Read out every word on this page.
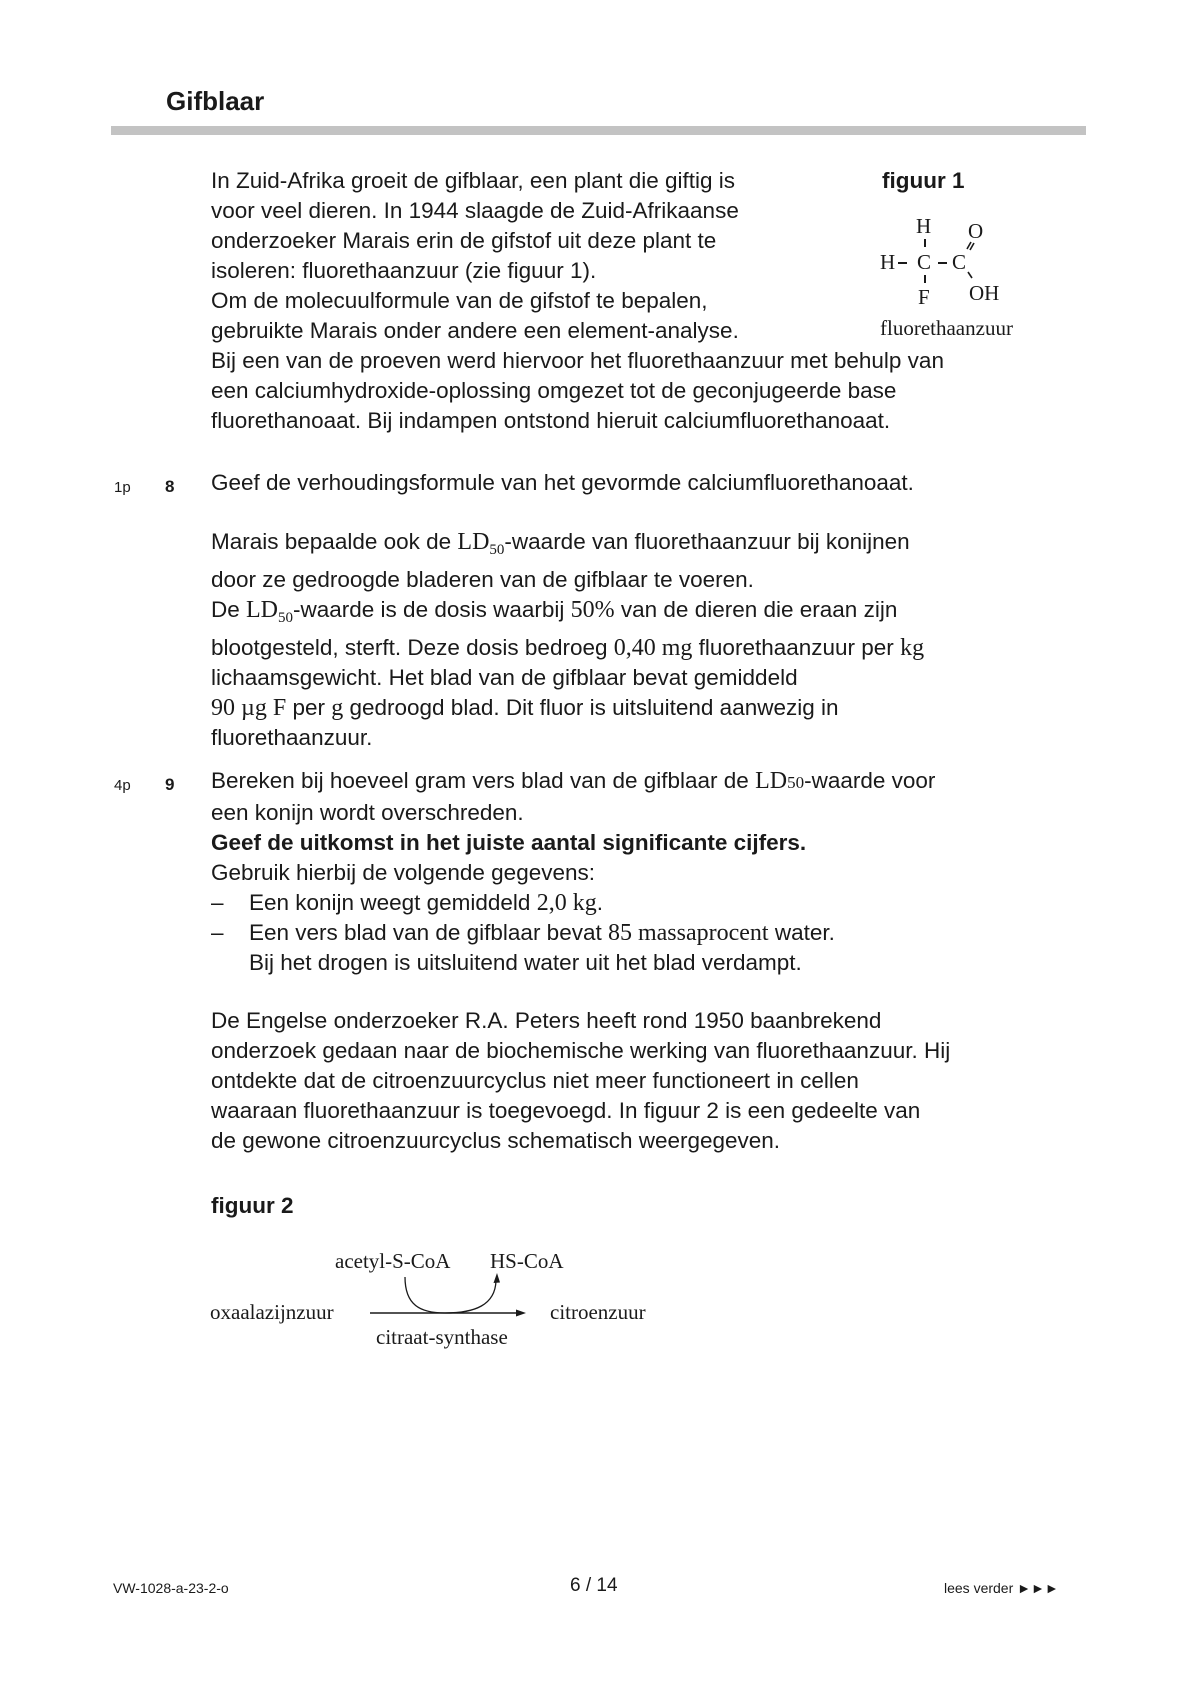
Gifblaar
In Zuid-Afrika groeit de gifblaar, een plant die giftig is
voor veel dieren. In 1944 slaagde de Zuid-Afrikaanse
onderzoeker Marais erin de gifstof uit deze plant te
isoleren: fluorethaanzuur (zie figuur 1).
Om de molecuulformule van de gifstof te bepalen,
gebruikte Marais onder andere een element-analyse.
Bij een van de proeven werd hiervoor het fluorethaanzuur met behulp van
een calciumhydroxide-oplossing omgezet tot de geconjugeerde base
fluorethanoaat. Bij indampen ontstond hieruit calciumfluorethanoaat.
figuur 1
H O
H C C
F OH
fluorethaanzuur
1p 8 Geef de verhoudingsformule van het gevormde calciumfluorethanoaat.
Marais bepaalde ook de $LD_{50}$-waarde van fluorethaanzuur bij konijnen
door ze gedroogde bladeren van de gifblaar te voeren.
De $LD_{50}$-waarde is de dosis waarbij 50% van de dieren die eraan zijn
blootgesteld, sterft. Deze dosis bedroeg 0,40 mg fluorethaanzuur per kg
lichaamsgewicht. Het blad van de gifblaar bevat gemiddeld
90 µg F per g gedroogd blad. Dit fluor is uitsluitend aanwezig in
fluorethaanzuur.
4p 9 Bereken bij hoeveel gram vers blad van de gifblaar de LD50-waarde voor
een konijn wordt overschreden.
Geef de uitkomst in het juiste aantal significante cijfers.
Gebruik hierbij de volgende gegevens:
– Een konijn weegt gemiddeld 2,0 kg.
– Een vers blad van de gifblaar bevat 85 massaprocent water.
Bij het drogen is uitsluitend water uit het blad verdampt.
De Engelse onderzoeker R.A. Peters heeft rond 1950 baanbrekend
onderzoek gedaan naar de biochemische werking van fluorethaanzuur. Hij
ontdekte dat de citroenzuurcyclus niet meer functioneert in cellen
waaraan fluorethaanzuur is toegevoegd. In figuur 2 is een gedeelte van
de gewone citroenzuurcyclus schematisch weergegeven.
figuur 2
acetyl-S-CoA HS-CoA
oxaalazijnzuur	citroenzuur
citraat-synthase
VW-1028-a-23-2-o	6 / 14	lees verder ►►►
